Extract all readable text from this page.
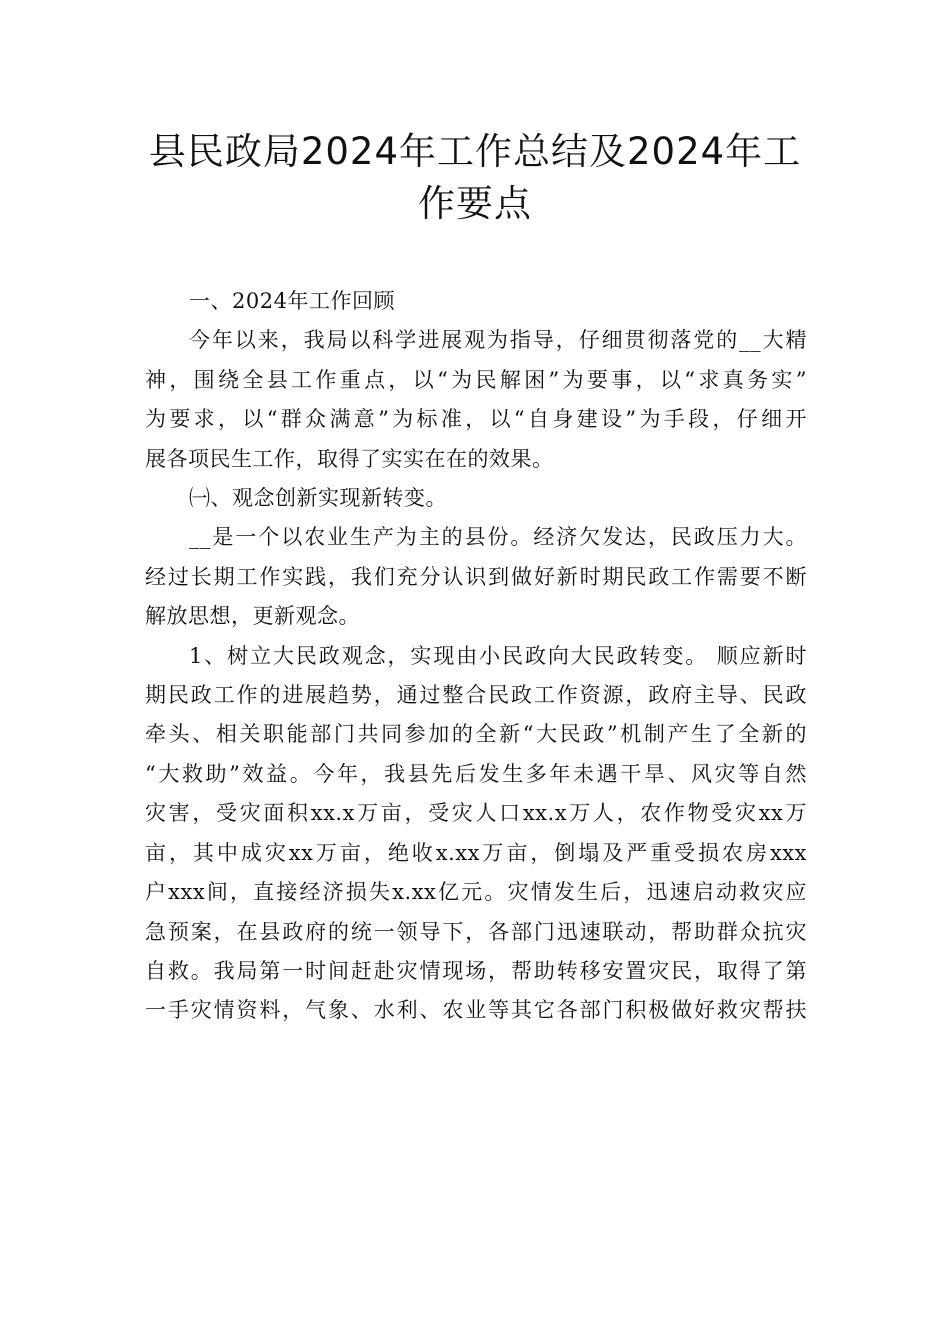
县民政局2024年工作总结及2024年工
作要点

一、2024年工作回顾

今年以来，我局以科学进展观为指导，仔细贯彻落党的__大精
神，围绕全县工作重点，以“为民解困”为要事，以“求真务实”
为要求，以“群众满意”为标准，以“自身建设”为手段，仔细开
展各项民生工作，取得了实实在在的效果。

㈠、观念创新实现新转变。

__是一个以农业生产为主的县份。经济欠发达，民政压力大。
经过长期工作实践，我们充分认识到做好新时期民政工作需要不断
解放思想，更新观念。

1、树立大民政观念，实现由小民政向大民政转变。 顺应新时
期民政工作的进展趋势，通过整合民政工作资源，政府主导、民政
牵头、相关职能部门共同参加的全新“大民政”机制产生了全新的
“大救助”效益。今年，我县先后发生多年未遇干旱、风灾等自然
灾害，受灾面积xx.x万亩，受灾人口xx.x万人，农作物受灾xx万
亩，其中成灾xx万亩，绝收x.xx万亩，倒塌及严重受损农房xxx
户xxx间，直接经济损失x.xx亿元。灾情发生后，迅速启动救灾应
急预案，在县政府的统一领导下，各部门迅速联动，帮助群众抗灾
自救。我局第一时间赶赴灾情现场，帮助转移安置灾民，取得了第
一手灾情资料，气象、水利、农业等其它各部门积极做好救灾帮扶
